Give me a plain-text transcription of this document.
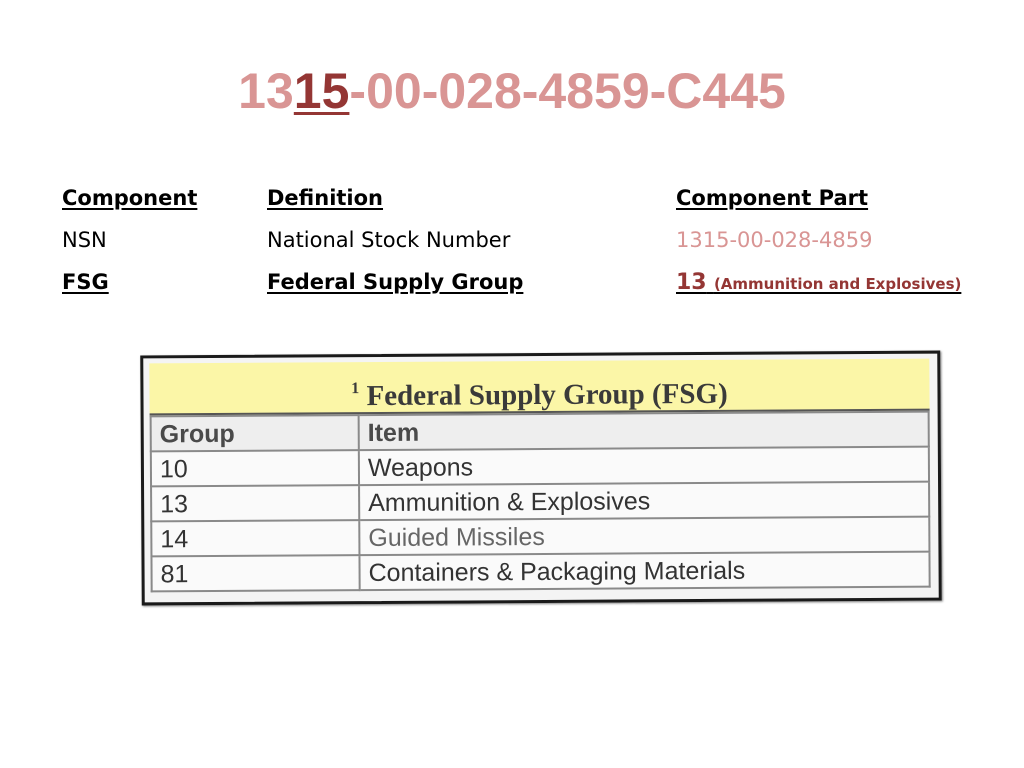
1315-00-028-4859-C445
Component	Definition	Component Part
NSN	National Stock Number	1315-00-028-4859
FSG	Federal Supply Group	13 (Ammunition and Explosives)
$^1$ Federal Supply Group (FSG)
Group	Item
10	Weapons
13	Ammunition & Explosives
14	Guided Missiles
81	Containers & Packaging Materials
